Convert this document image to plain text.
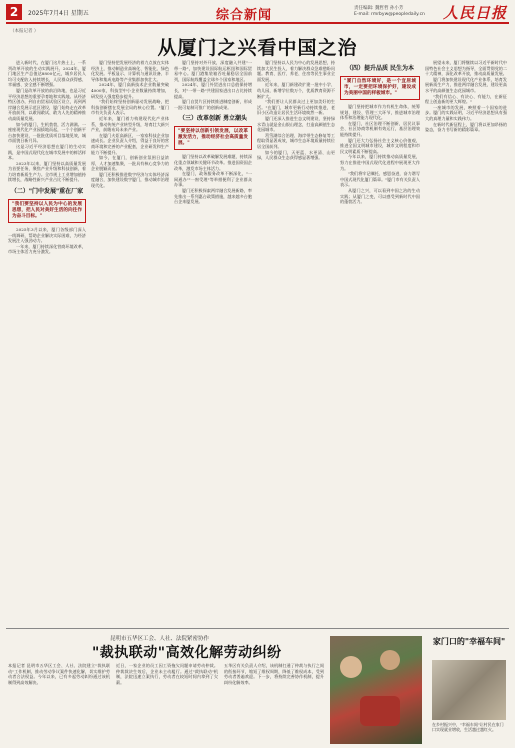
2	2025年7月4日 星期五	综合新闻	责任编辑: 魏哲哲 孙小芳
E-mail: rmrbyw@peopledaily.cn 人民日报
（本报记者 ）
从厦门之兴看中国之治

进入新时代，在厦门这片热土上，一系列改革开放的生动实践展开。2024年，厦门地区生产总值达8800亿元，城乡居民人均可支配收入持续增长，人民群众获得感、幸福感、安全感不断增强。

厦门是改革开放的前沿阵地，也是习近平经济思想的重要孕育地和实践地。从经济特区创办，到自由贸易试验区设立，再到两岸融合发展示范区建设，厦门始终走在改革开放前列，以敢闯敢试、敢为人先的精神推动高质量发展。

如今的厦门，生机勃勃，活力满满。一座座现代化产业园拔地而起，一个个创新平台加快建设，一批批优质项目落地见效，城市面貌日新月异。

这是习近平经济思想在厦门的生动实践，是中国式现代化在城市发展中的鲜活样本。

2023年以来，厦门坚持以高质量发展为首要任务，聚焦产业升级和科技创新，着力培育新质生产力。全市规上工业增加值持续增长，战略性新兴产业占比不断提升。

（二）"门中发展"重在厂家
"我们要坚持以人民为中心的发展思想，把人民对美好生活的向往作为奋斗目标。"

2025年3月以来，厦门各级部门深入一线调研，帮助企业解决实际困难，为经济发展注入强劲动力。

一年来，厦门持续深化营商环境改革，市场主体活力充分激发。

厦门坚持把发展经济的着力点放在实体经济上，推动制造业高端化、智能化、绿色化发展。平板显示、计算机与通讯设备、半导体和集成电路等产业集群加快壮大。

2024年，厦门高新技术企业数量突破4000家，科技型中小企业数量持续增加，研发投入强度稳步提升。

"我们始终坚持创新驱动发展战略，把科技创新摆在发展全局的核心位置。"厦门市有关负责人表示。

近年来，厦门着力构建现代化产业体系，推动传统产业转型升级，培育壮大新兴产业，前瞻布局未来产业。

在厦门火炬高新区，一家家科技企业加速成长。企业负责人介绍，得益于良好的营商环境和完善的产业配套，企业研发和生产能力不断提升。

如今，在厦门，创新创业氛围日益浓厚，人才加速集聚，一批具有核心竞争力的企业脱颖而出。

厦门还积极推进数字经济与实体经济深度融合，加快建设数字厦门，推动城市治理现代化。

厦门坚持对外开放，深度融入共建"一带一路"，加快建设国际航运枢纽和国际贸易中心。厦门港集装箱吞吐量稳居全国前列，国际航线覆盖全球多个国家和地区。

2024年，厦门外贸进出口总值保持增长，对"一带一路"共建国家进出口占比持续提高。

厦门自贸片区持续推进制度创新，形成一批可复制可推广的创新成果。

（三）改革创新 勇立潮头
"要坚持以创新引领发展，以改革激发活力，推动经济社会高质量发展。"

厦门坚持以改革破解发展难题，持续深化重点领域和关键环节改革。推进国资国企改革，激发市场主体活力。

在厦门，政务服务改革不断深化，"一网通办""一窗受理"等举措便利了企业群众办事。

厦门还积极探索两岸融合发展新路，率先推出一系列惠台政策措施，越来越多台胞台企来厦发展。

厦门坚持以人民为中心的发展思想，持续加大民生投入，着力解决群众急难愁盼问题。教育、医疗、养老、住房等民生事业全面发展。

近年来，厦门新建改扩建一批中小学、幼儿园，新增学位数万个，优质教育资源不断扩大。

"我们要让人民群众过上更加美好的生活。"在厦门，城市更新行动持续推进，老旧小区改造让居民生活环境焕然一新。

厦门还深入推进生态文明建设，坚持绿水青山就是金山银山理念，打造高颜值生态花园城市。

筼筜湖综合治理、海岸带生态修复等工程取得显著成效，城市生态环境质量持续位居全国前列。

如今的厦门，天更蓝、水更清、山更绿，人民群众生态获得感显著增强。

（四）提升品质 民生为本
"厦门自然环境好，是一个宜居城市，一定要把环境保护好，建设成为美丽中国的样板城市。"

厦门坚持把城市作为有机生命体，统筹规划、建设、管理三大环节，推进城市治理体系和治理能力现代化。

在厦门，社区治理不断创新，居民议事会、社区协商等机制有效运行，基层治理效能持续提升。

厦门还大力弘扬社会主义核心价值观，推进全国文明城市建设，城市文明程度和市民文明素质不断提高。

今年以来，厦门持续推动高质量发展，努力在推进中国式现代化进程中展现更大作为。

"我们将牢记嘱托、感恩奋进，奋力谱写中国式现代化厦门篇章。"厦门市有关负责人表示。

从厦门之兴，可以看到中国之治的生动实践；从厦门之变，可以感受到新时代中国的蓬勃活力。

展望未来，厦门将继续以习近平新时代中国特色社会主义思想为指导，全面贯彻党的二十大精神，深化改革开放，推动高质量发展。

厦门将加快建设现代化产业体系，培育发展新质生产力，推进两岸融合发展，建设更高水平的高颜值生态花园城市。

"我们有信心、有决心、有能力，在新征程上创造新的更大辉煌。"

一座城市的发展，映照着一个国家的进步。厦门的实践证明，习近平经济思想具有强大的真理力量和实践伟力。

在新时代新征程上，厦门将以更加昂扬的姿态，奋力书写新的精彩篇章。

昆明市五华区工会、人社、法院紧密协作
"裁执联动"高效化解劳动纠纷
本报记者 昆明市五华区工会、人社、法院建立"裁执联动"工作机制，推动劳动争议案件快速化解，切实维护劳动者合法权益。今年以来，已有多起劳动纠纷通过该机制得到高效解决。
近日，一家企业的员工因工资拖欠问题申请劳动仲裁。仲裁裁决生效后，企业未主动履行。通过"裁执联动"机制，法院迅速立案执行，劳动者在较短时间内拿到了欠薪。
五华区有关负责人介绍，该机制打通了仲裁与执行之间的衔接环节，缩短了维权周期，降低了维权成本，受到劳动者普遍欢迎。下一步，将持续完善协作机制，提升纠纷化解效率。
家门口的"幸福车间"
在乡村振兴中，"幸福车间"让村民在家门口实现就业增收，生活越过越红火。
